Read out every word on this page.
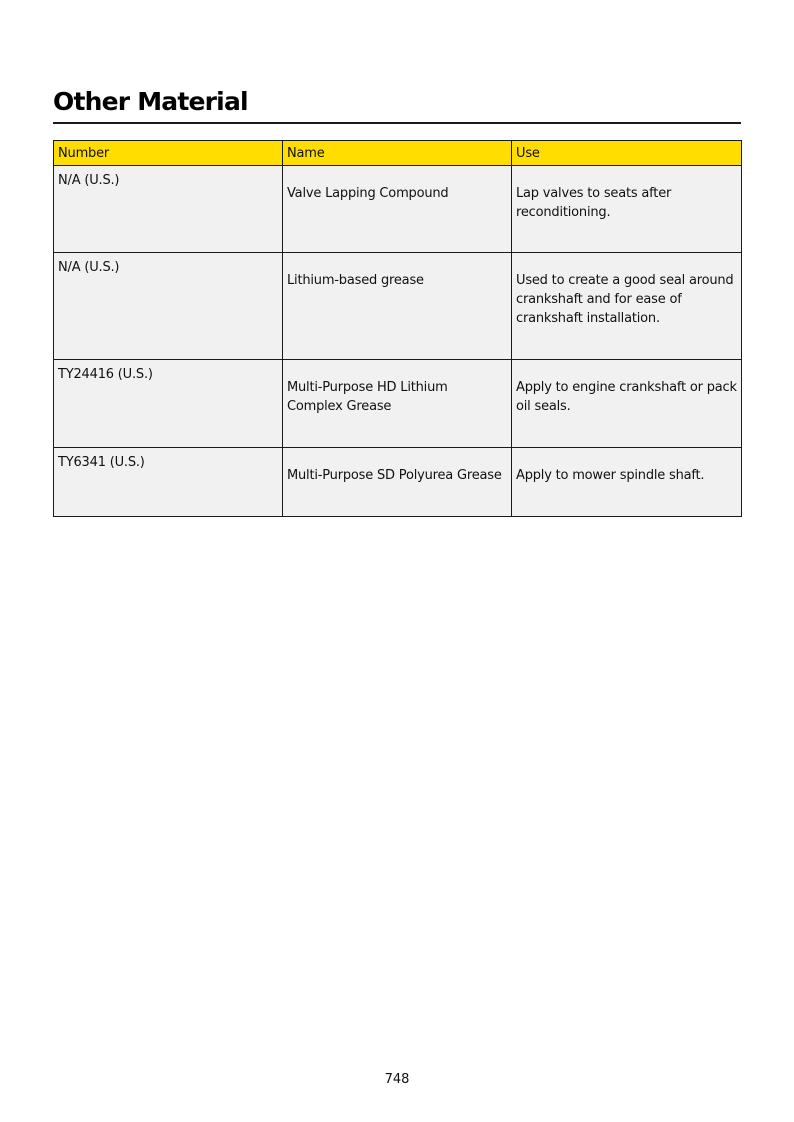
Other Material
Number	Name	Use
N/A (U.S.)	Valve Lapping Compound	Lap valves to seats after reconditioning.
N/A (U.S.)	Lithium-based grease	Used to create a good seal around crankshaft and for ease of crankshaft installation.
TY24416 (U.S.)	Multi-Purpose HD Lithium Complex Grease	Apply to engine crankshaft or pack oil seals.
TY6341 (U.S.)	Multi-Purpose SD Polyurea Grease	Apply to mower spindle shaft.
748
